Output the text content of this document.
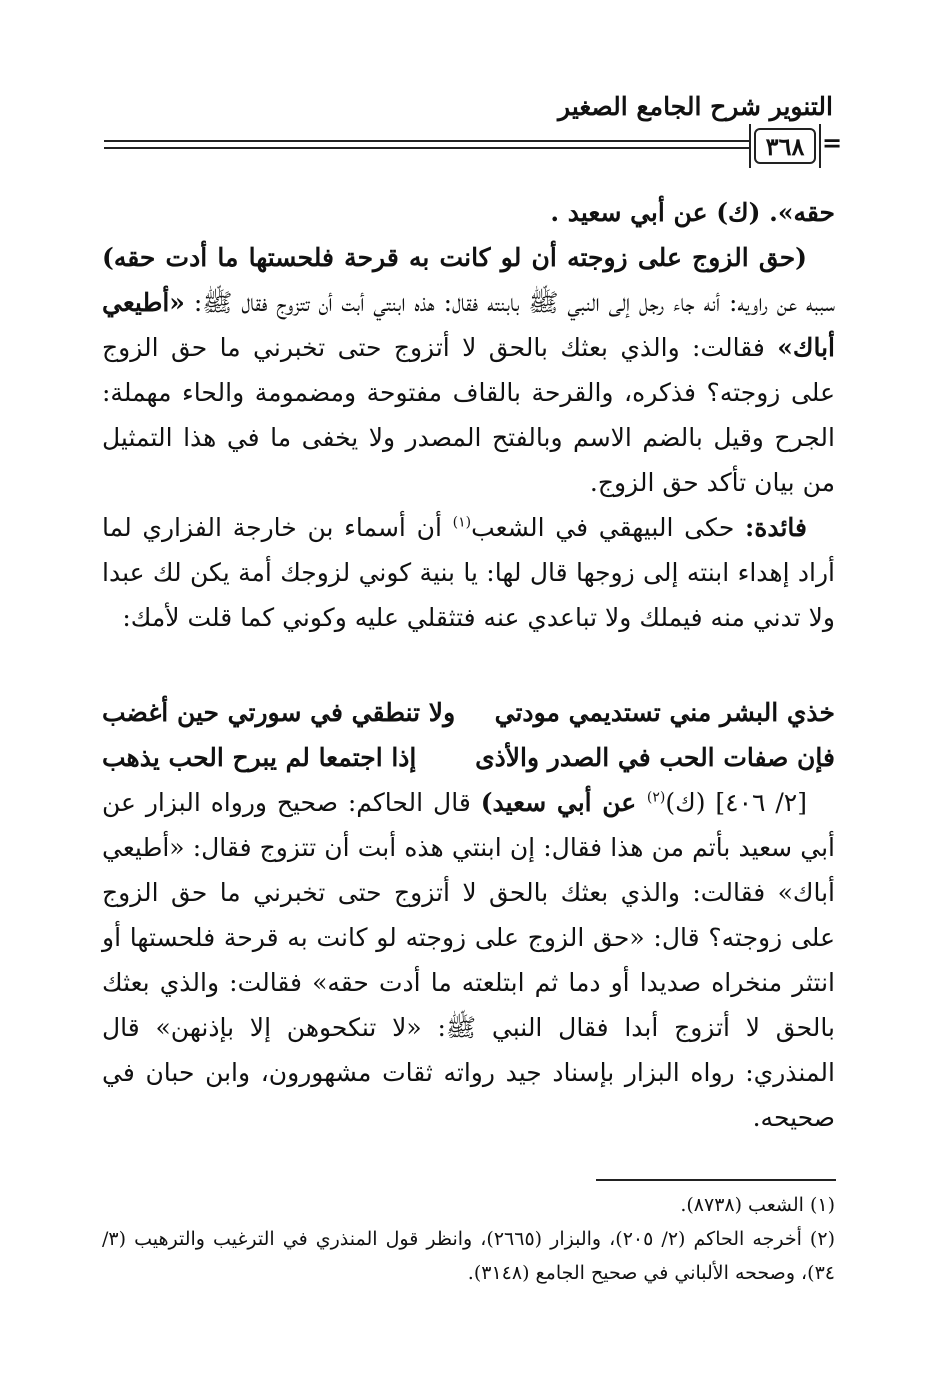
التنوير شرح الجامع الصغير
٣٦٨ =

حقه». (ك) عن أبي سعيد .

(حق الزوج على زوجته أن لو كانت به قرحة فلحستها ما أدت حقه) سببه عن راويه: أنه جاء رجل إلى النبي ﷺ بابنته فقال: هذه ابنتي أبت أن تتزوج فقال ﷺ: «أطيعي أباك» فقالت: والذي بعثك بالحق لا أتزوج حتى تخبرني ما حق الزوج على زوجته؟ فذكره، والقرحة بالقاف مفتوحة ومضمومة والحاء مهملة: الجرح وقيل بالضم الاسم وبالفتح المصدر ولا يخفى ما في هذا التمثيل من بيان تأكد حق الزوج.

فائدة: حكى البيهقي في الشعب$^{(١)}$ أن أسماء بن خارجة الفزاري لما أراد إهداء ابنته إلى زوجها قال لها: يا بنية كوني لزوجك أمة يكن لك عبدا ولا تدني منه فيملك ولا تباعدي عنه فتثقلي عليه وكوني كما قلت لأمك:

خذي البشر مني تستديمي مودتي
ولا تنطقي في سورتي حين أغضب
فإن صفات الحب في الصدر والأذى
إذا اجتمعا لم يبرح الحب يذهب

[٢/ ٤٠٦] (ك)$^{(٢)}$ عن أبي سعيد) قال الحاكم: صحيح ورواه البزار عن أبي سعيد بأتم من هذا فقال: إن ابنتي هذه أبت أن تتزوج فقال: «أطيعي أباك» فقالت: والذي بعثك بالحق لا أتزوج حتى تخبرني ما حق الزوج على زوجته؟ قال: «حق الزوج على زوجته لو كانت به قرحة فلحستها أو انتثر منخراه صديدا أو دما ثم ابتلعته ما أدت حقه» فقالت: والذي بعثك بالحق لا أتزوج أبدا فقال النبي ﷺ: «لا تنكحوهن إلا بإذنهن» قال المنذري: رواه البزار بإسناد جيد رواته ثقات مشهورون، وابن حبان في صحيحه.

(١) الشعب (٨٧٣٨).

(٢) أخرجه الحاكم (٢/ ٢٠٥)، والبزار (٢٦٦٥)، وانظر قول المنذري في الترغيب والترهيب (٣/ ٣٤)، وصححه الألباني في صحيح الجامع (٣١٤٨).
